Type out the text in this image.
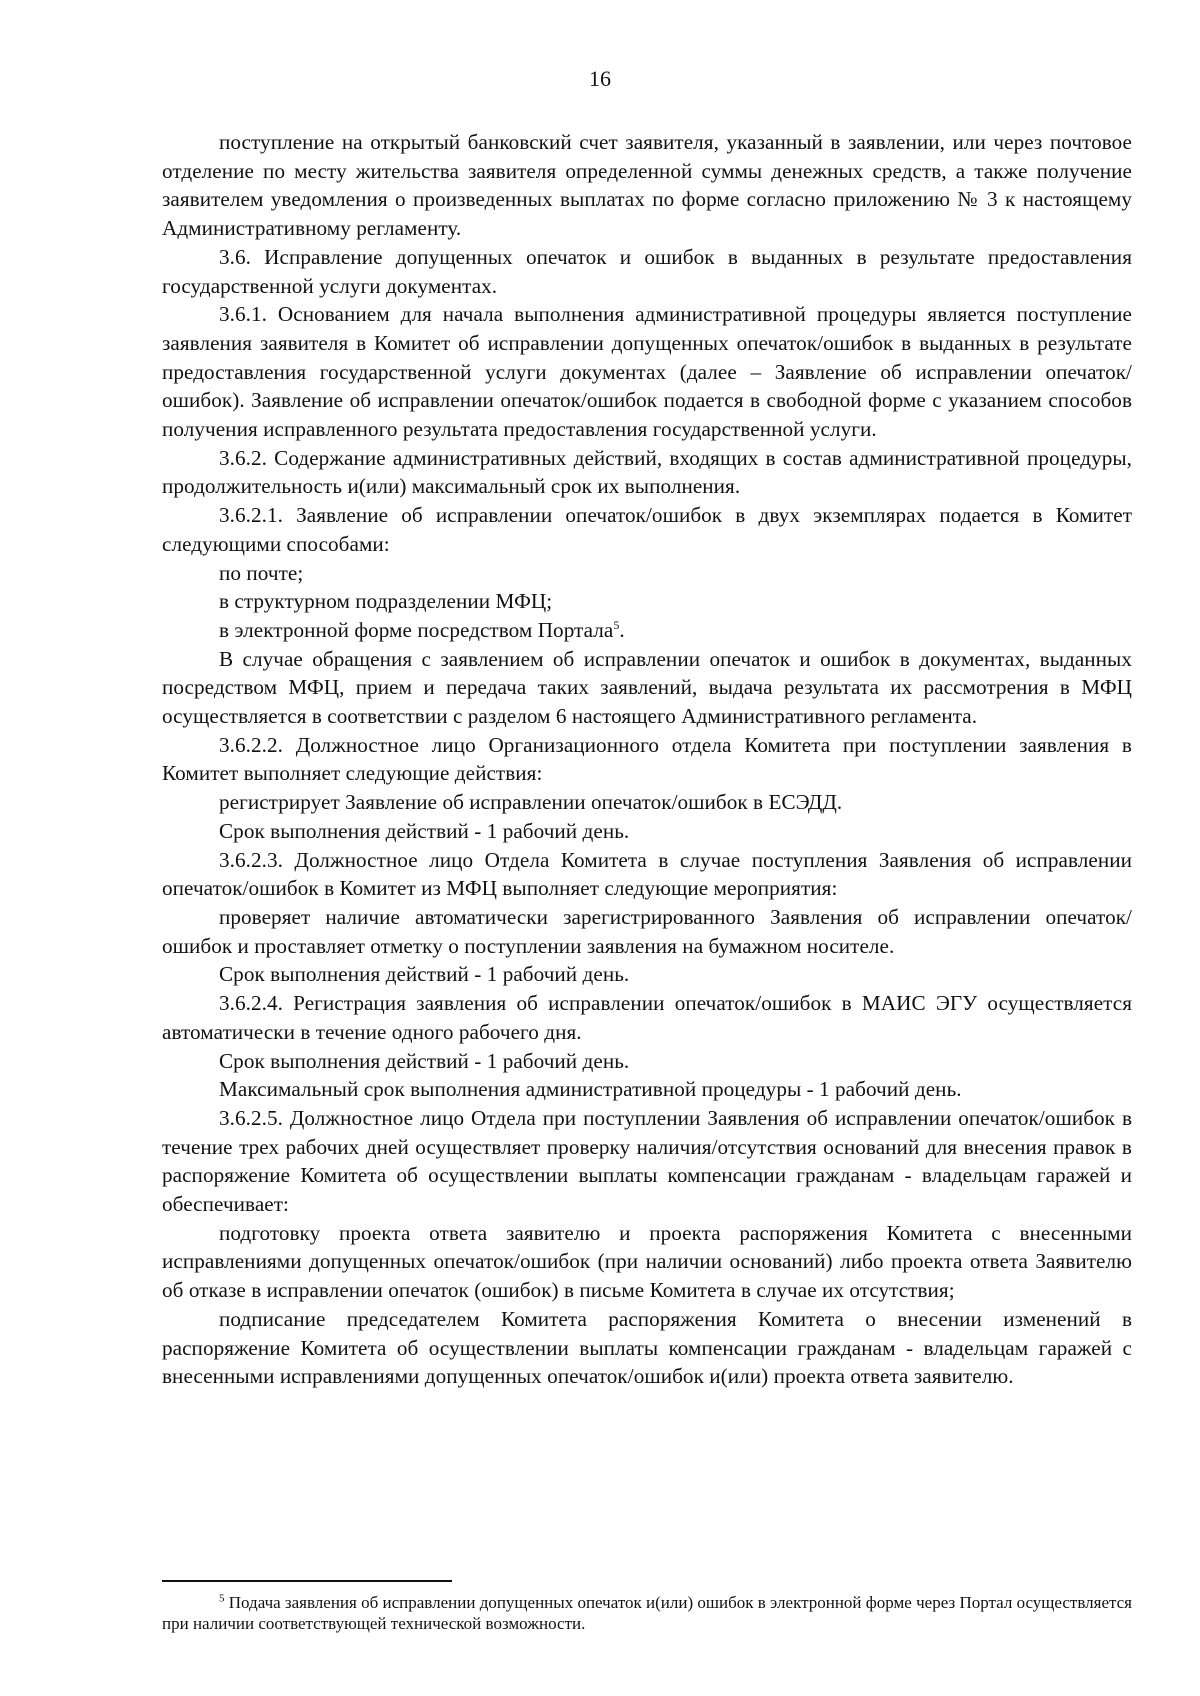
16

поступление на открытый банковский счет заявителя, указанный в заявлении, или через почтовое отделение по месту жительства заявителя определенной суммы денежных средств, а также получение заявителем уведомления о произведенных выплатах по форме согласно приложению № 3 к настоящему Административному регламенту.

3.6. Исправление допущенных опечаток и ошибок в выданных в результате предоставления государственной услуги документах.

3.6.1. Основанием для начала выполнения административной процедуры является поступление заявления заявителя в Комитет об исправлении допущенных опечаток/ошибок в выданных в результате предоставления государственной услуги документах (далее – Заявление об исправлении опечаток/ошибок). Заявление об исправлении опечаток/ошибок подается в свободной форме с указанием способов получения исправленного результата предоставления государственной услуги.

3.6.2. Содержание административных действий, входящих в состав административной процедуры, продолжительность и(или) максимальный срок их выполнения.

3.6.2.1. Заявление об исправлении опечаток/ошибок в двух экземплярах подается в Комитет следующими способами:

по почте;

в структурном подразделении МФЦ;

в электронной форме посредством Портала$^5$.

В случае обращения с заявлением об исправлении опечаток и ошибок в документах, выданных посредством МФЦ, прием и передача таких заявлений, выдача результата их рассмотрения в МФЦ осуществляется в соответствии с разделом 6 настоящего Административного регламента.

3.6.2.2. Должностное лицо Организационного отдела Комитета при поступлении заявления в Комитет выполняет следующие действия:

регистрирует Заявление об исправлении опечаток/ошибок в ЕСЭДД.

Срок выполнения действий - 1 рабочий день.

3.6.2.3. Должностное лицо Отдела Комитета в случае поступления Заявления об исправлении опечаток/ошибок в Комитет из МФЦ выполняет следующие мероприятия:

проверяет наличие автоматически зарегистрированного Заявления об исправлении опечаток/ошибок и проставляет отметку о поступлении заявления на бумажном носителе.

Срок выполнения действий - 1 рабочий день.

3.6.2.4. Регистрация заявления об исправлении опечаток/ошибок в МАИС ЭГУ осуществляется автоматически в течение одного рабочего дня.

Срок выполнения действий - 1 рабочий день.

Максимальный срок выполнения административной процедуры - 1 рабочий день.

3.6.2.5. Должностное лицо Отдела при поступлении Заявления об исправлении опечаток/ошибок в течение трех рабочих дней осуществляет проверку наличия/отсутствия оснований для внесения правок в распоряжение Комитета об осуществлении выплаты компенсации гражданам - владельцам гаражей и обеспечивает:

подготовку проекта ответа заявителю и проекта распоряжения Комитета с внесенными исправлениями допущенных опечаток/ошибок (при наличии оснований) либо проекта ответа Заявителю об отказе в исправлении опечаток (ошибок) в письме Комитета в случае их отсутствия;

подписание председателем Комитета распоряжения Комитета о внесении изменений в распоряжение Комитета об осуществлении выплаты компенсации гражданам - владельцам гаражей с внесенными исправлениями допущенных опечаток/ошибок и(или) проекта ответа заявителю.

$^5$ Подача заявления об исправлении допущенных опечаток и(или) ошибок в электронной форме через Портал осуществляется при наличии соответствующей технической возможности.
